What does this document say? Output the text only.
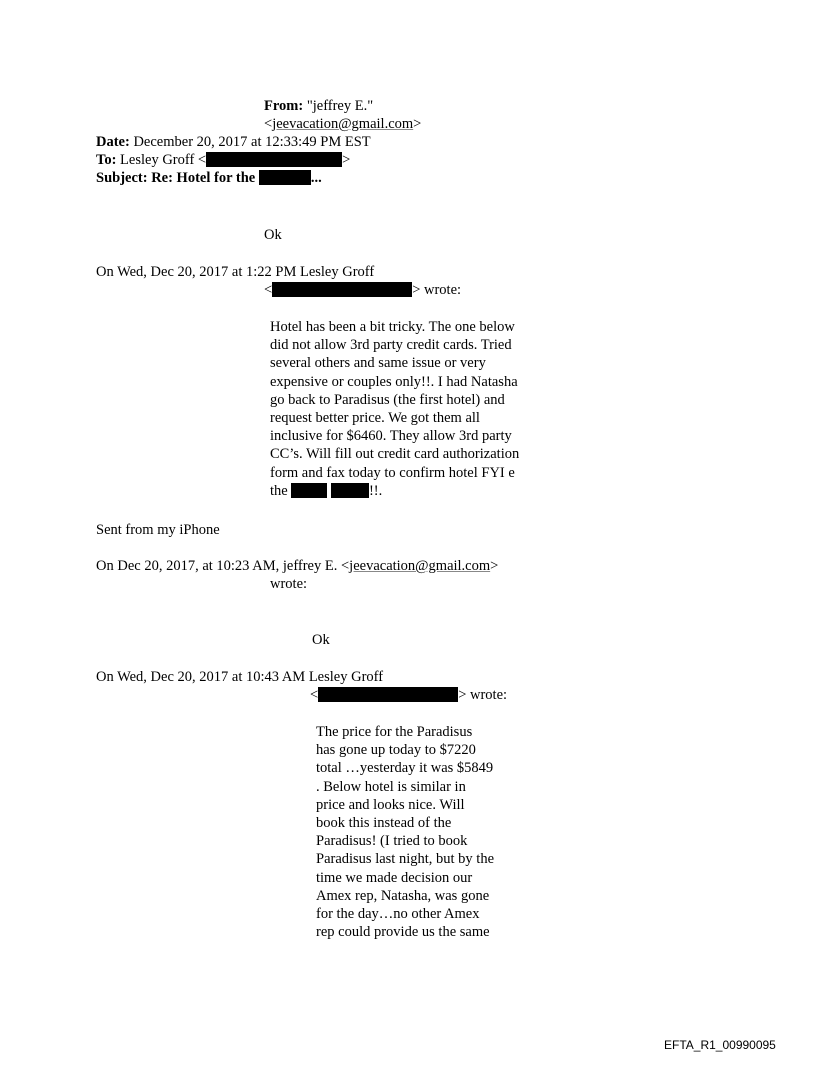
From: "jeffrey E."
<jeevacation@gmail.com>
Date: December 20, 2017 at 12:33:49 PM EST
To: Lesley Groff <	>
Subject: Re: Hotel for the	...
Ok
On Wed, Dec 20, 2017 at 1:22 PM Lesley Groff
<	> wrote:
Hotel has been a bit tricky. The one below
did not allow 3rd party credit cards. Tried
several others and same issue or very
expensive or couples only!!. I had Natasha
go back to Paradisus (the first hotel) and
request better price. We got them all
inclusive for $6460. They allow 3rd party
CC’s. Will fill out credit card authorization
form and fax today to confirm hotel FYI e
the	!!.
Sent from my iPhone
On Dec 20, 2017, at 10:23 AM, jeffrey E. <jeevacation@gmail.com>
wrote:
Ok
On Wed, Dec 20, 2017 at 10:43 AM Lesley Groff
<	> wrote:
The price for the Paradisus
has gone up today to $7220
total …yesterday it was $5849
. Below hotel is similar in
price and looks nice. Will
book this instead of the
Paradisus! (I tried to book
Paradisus last night, but by the
time we made decision our
Amex rep, Natasha, was gone
for the day…no other Amex
rep could provide us the same
EFTA_R1_00990095
